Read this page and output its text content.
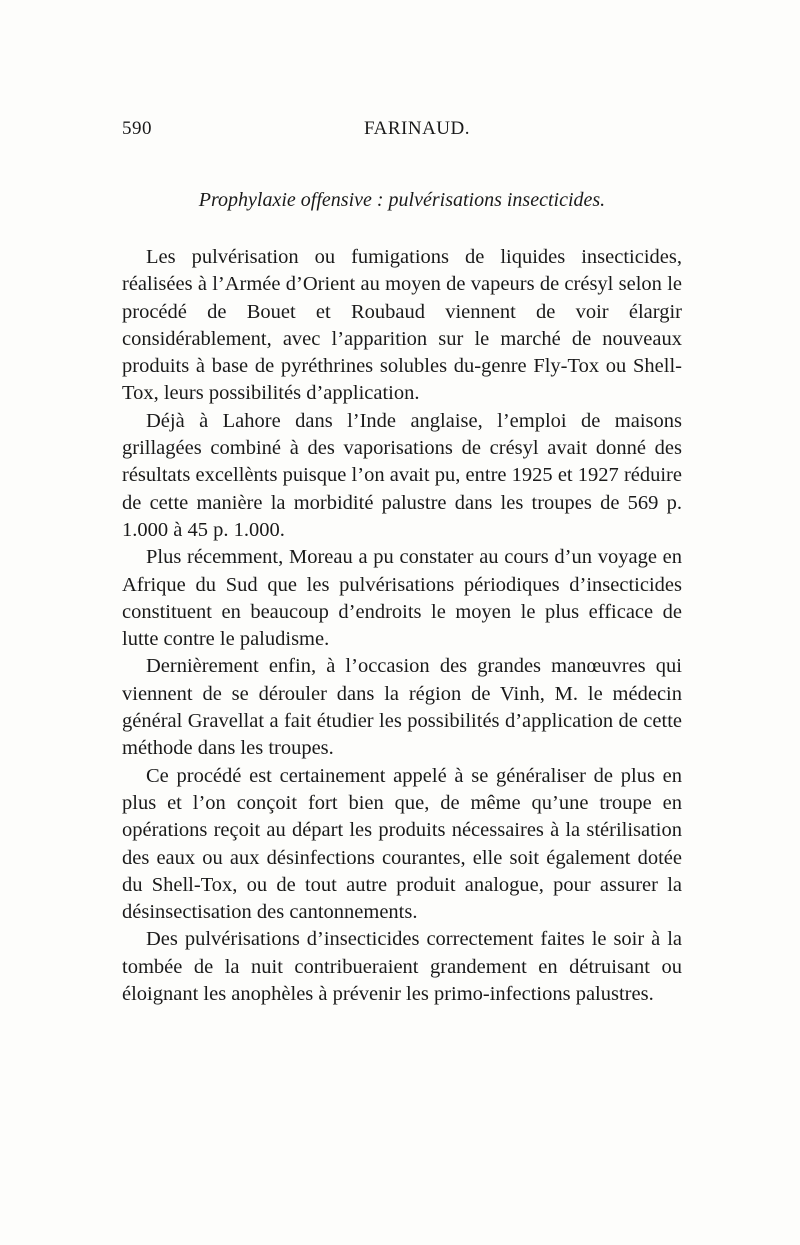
590	FARINAUD.
Prophylaxie offensive : pulvérisations insecticides.

Les pulvérisation ou fumigations de liquides insecticides, réalisées à l’Armée d’Orient au moyen de vapeurs de crésyl selon le procédé de Bouet et Roubaud viennent de voir élargir considérablement, avec l’apparition sur le marché de nouveaux produits à base de pyréthrines solubles du-genre Fly-Tox ou Shell-Tox, leurs possibilités d’application.

Déjà à Lahore dans l’Inde anglaise, l’emploi de maisons grillagées combiné à des vaporisations de crésyl avait donné des résultats excellènts puisque l’on avait pu, entre 1925 et 1927 réduire de cette manière la morbidité palustre dans les troupes de 569 p. 1.000 à 45 p. 1.000.

Plus récemment, Moreau a pu constater au cours d’un voyage en Afrique du Sud que les pulvérisations périodiques d’insecticides constituent en beaucoup d’endroits le moyen le plus efficace de lutte contre le paludisme.

Dernièrement enfin, à l’occasion des grandes manœuvres qui viennent de se dérouler dans la région de Vinh, M. le médecin général Gravellat a fait étudier les possibilités d’application de cette méthode dans les troupes.

Ce procédé est certainement appelé à se généraliser de plus en plus et l’on conçoit fort bien que, de même qu’une troupe en opérations reçoit au départ les produits nécessaires à la stérilisation des eaux ou aux désinfections courantes, elle soit également dotée du Shell-Tox, ou de tout autre produit analogue, pour assurer la désinsectisation des cantonnements.

Des pulvérisations d’insecticides correctement faites le soir à la tombée de la nuit contribueraient grandement en détruisant ou éloignant les anophèles à prévenir les primo-infections palustres.
